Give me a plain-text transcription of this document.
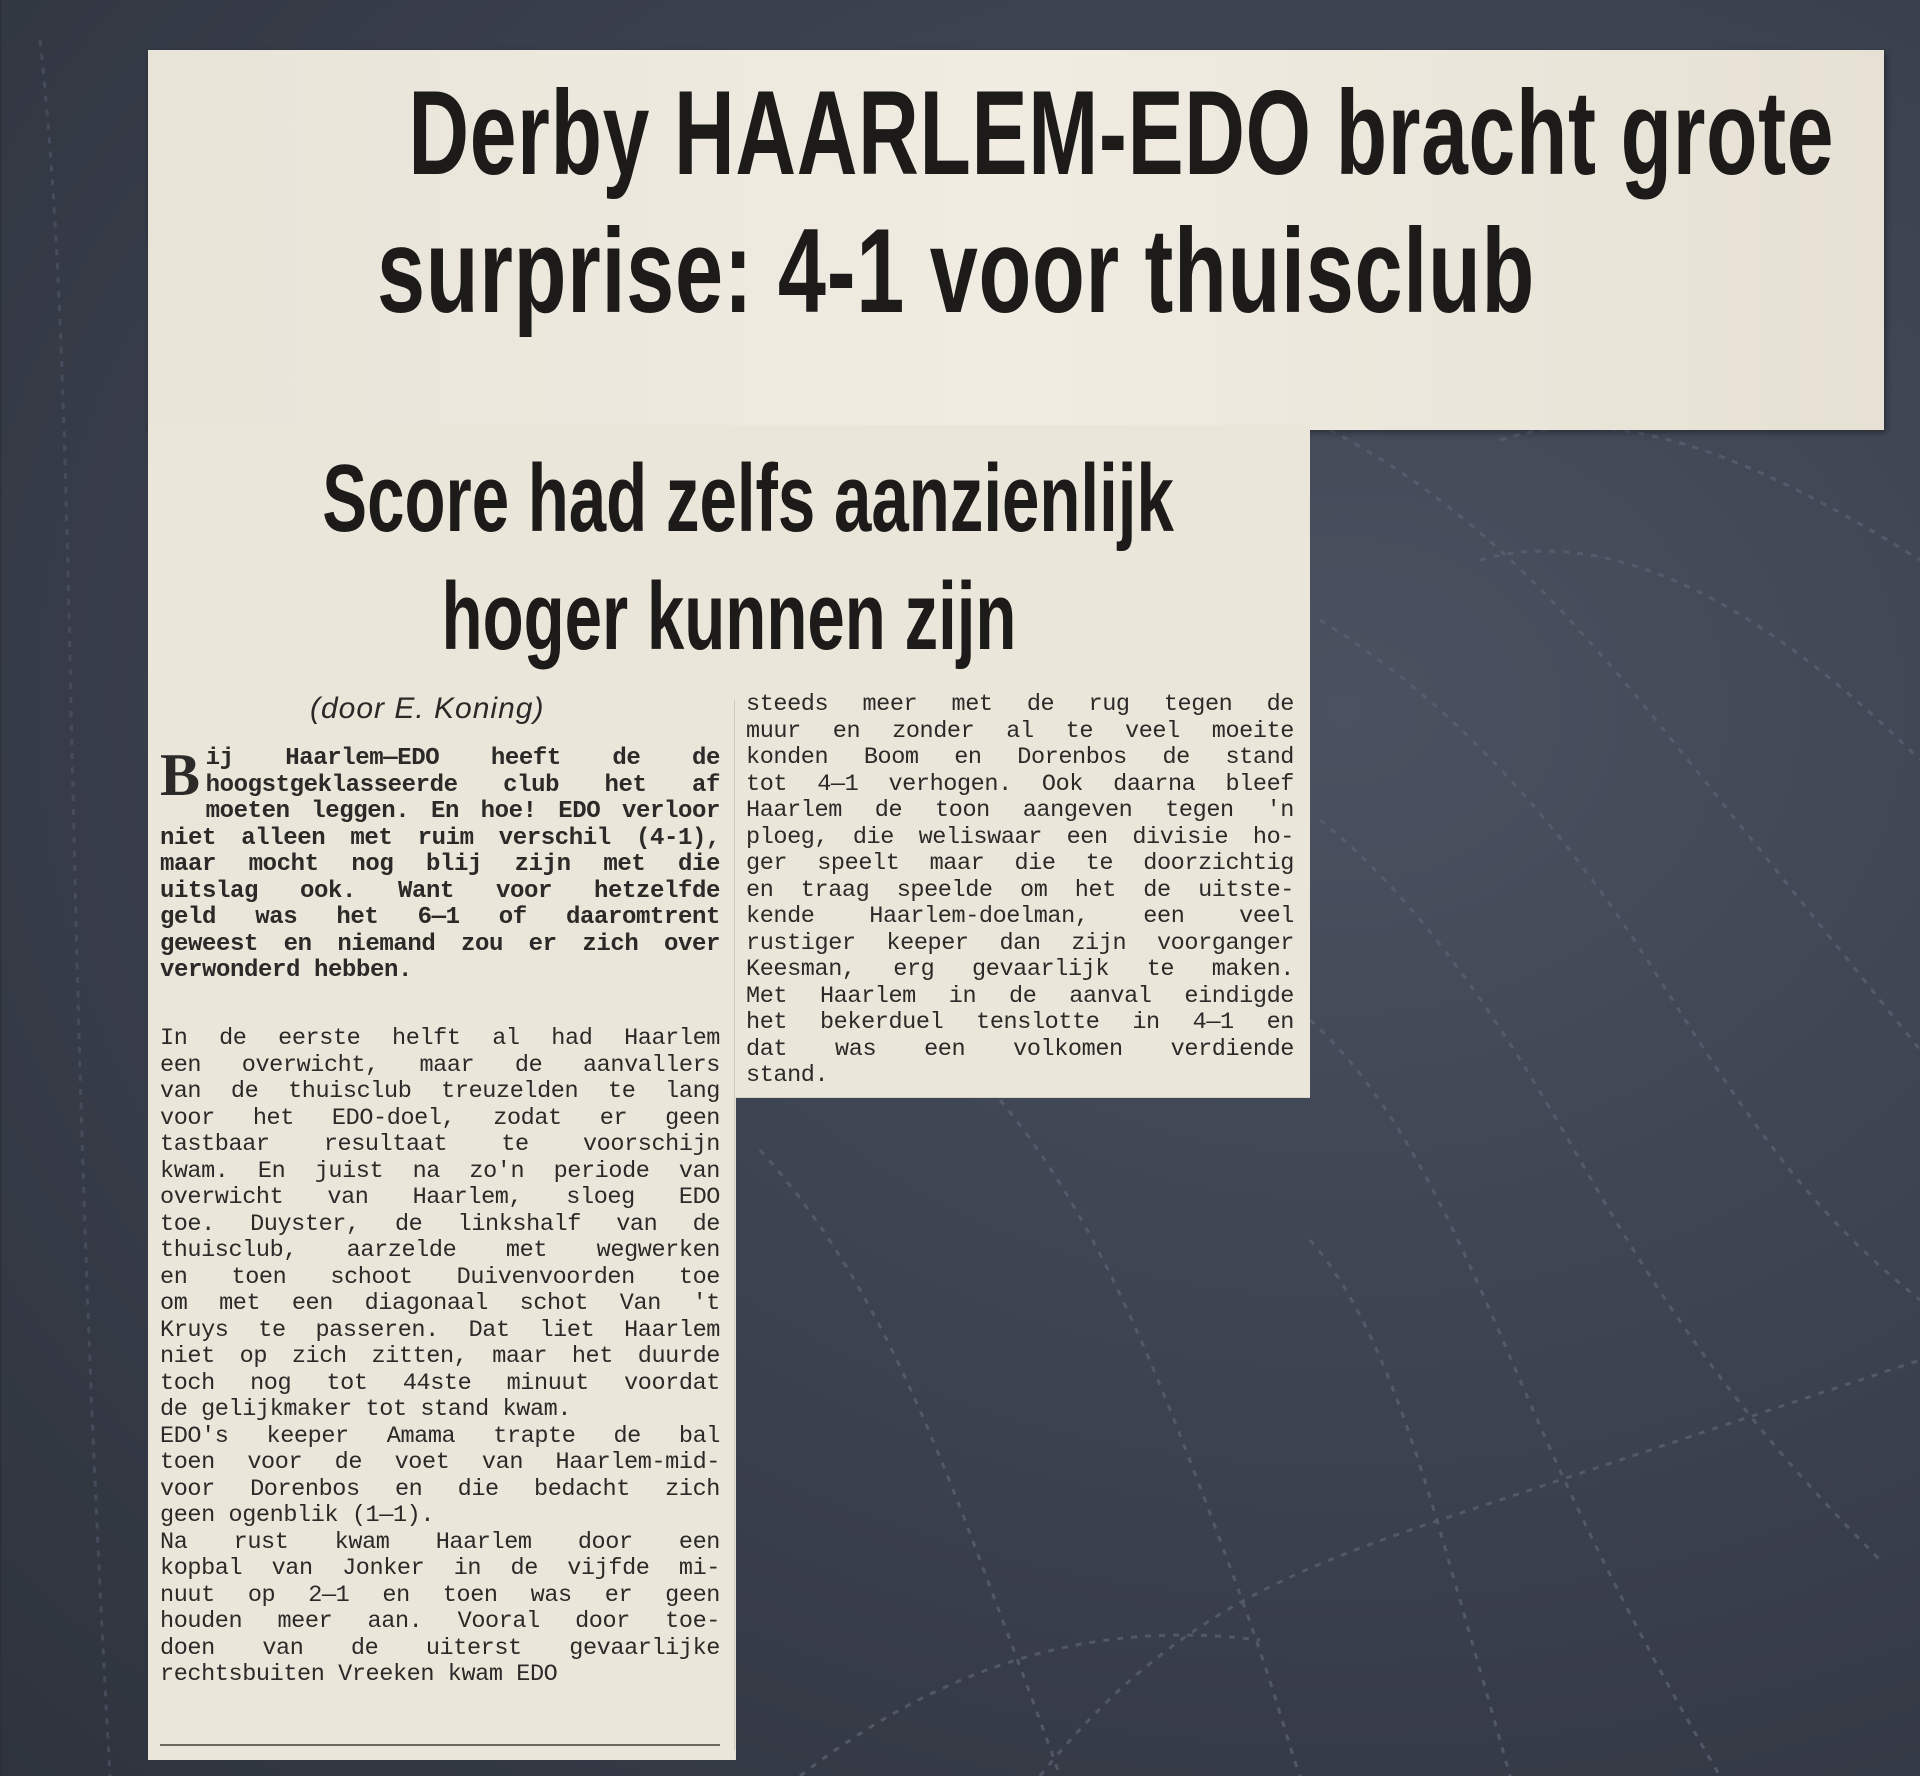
Derby HAARLEM-EDO bracht grote
surprise: 4-1 voor thuisclub
Score had zelfs aanzienlijk
hoger kunnen zijn
(door E. Koning)
B ij Haarlem—EDO heeft de de

hoogstgeklasseerde club het af

moeten leggen. En hoe! EDO verloor

niet alleen met ruim verschil (4-1),

maar mocht nog blij zijn met die

uitslag ook. Want voor hetzelfde

geld was het 6—1 of daaromtrent

geweest en niemand zou er zich over

verwonderd hebben.

In de eerste helft al had Haarlem

een overwicht, maar de aanvallers

van de thuisclub treuzelden te lang

voor het EDO-doel, zodat er geen

tastbaar resultaat te voorschijn

kwam. En juist na zo'n periode van

overwicht van Haarlem, sloeg EDO

toe. Duyster, de linkshalf van de

thuisclub, aarzelde met wegwerken

en toen schoot Duivenvoorden toe

om met een diagonaal schot Van 't

Kruys te passeren. Dat liet Haarlem

niet op zich zitten, maar het duurde

toch nog tot 44ste minuut voordat

de gelijkmaker tot stand kwam.

EDO's keeper Amama trapte de bal

toen voor de voet van Haarlem-mid-

voor Dorenbos en die bedacht zich

geen ogenblik (1—1).

Na rust kwam Haarlem door een

kopbal van Jonker in de vijfde mi-

nuut op 2—1 en toen was er geen

houden meer aan. Vooral door toe-

doen van de uiterst gevaarlijke

rechtsbuiten Vreeken kwam EDO

steeds meer met de rug tegen de

muur en zonder al te veel moeite

konden Boom en Dorenbos de stand

tot 4—1 verhogen. Ook daarna bleef

Haarlem de toon aangeven tegen 'n

ploeg, die weliswaar een divisie ho-

ger speelt maar die te doorzichtig

en traag speelde om het de uitste-

kende Haarlem-doelman, een veel

rustiger keeper dan zijn voorganger

Keesman, erg gevaarlijk te maken.

Met Haarlem in de aanval eindigde

het bekerduel tenslotte in 4—1 en

dat was een volkomen verdiende

stand.
